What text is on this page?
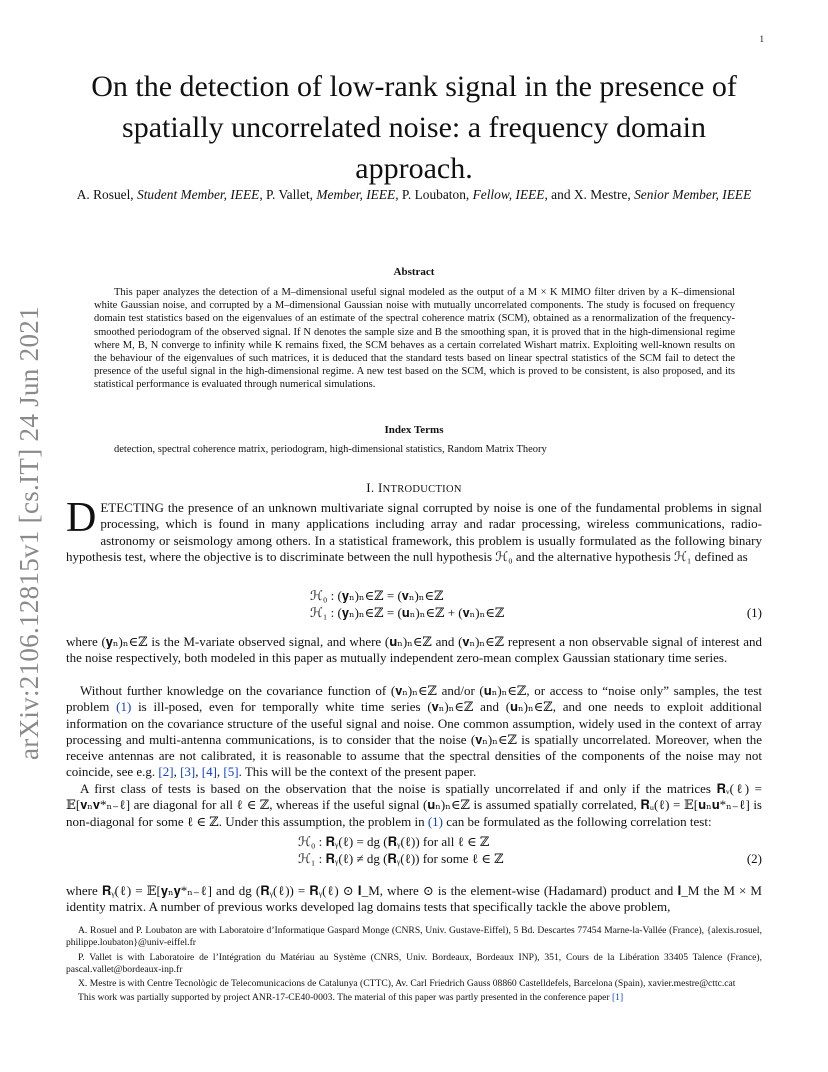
1
arXiv:2106.12815v1 [cs.IT] 24 Jun 2021
On the detection of low-rank signal in the presence of spatially uncorrelated noise: a frequency domain approach.
A. Rosuel, Student Member, IEEE, P. Vallet, Member, IEEE, P. Loubaton, Fellow, IEEE, and X. Mestre, Senior Member, IEEE
Abstract

This paper analyzes the detection of a M–dimensional useful signal modeled as the output of a M × K MIMO filter driven by a K–dimensional white Gaussian noise, and corrupted by a M–dimensional Gaussian noise with mutually uncorrelated components. The study is focused on frequency domain test statistics based on the eigenvalues of an estimate of the spectral coherence matrix (SCM), obtained as a renormalization of the frequency-smoothed periodogram of the observed signal. If N denotes the sample size and B the smoothing span, it is proved that in the high-dimensional regime where M, B, N converge to infinity while K remains fixed, the SCM behaves as a certain correlated Wishart matrix. Exploiting well-known results on the behaviour of the eigenvalues of such matrices, it is deduced that the standard tests based on linear spectral statistics of the SCM fail to detect the presence of the useful signal in the high-dimensional regime. A new test based on the SCM, which is proved to be consistent, is also proposed, and its statistical performance is evaluated through numerical simulations.

Index Terms
detection, spectral coherence matrix, periodogram, high-dimensional statistics, Random Matrix Theory
I. INTRODUCTION

DETECTING the presence of an unknown multivariate signal corrupted by noise is one of the fundamental problems in signal processing, which is found in many applications including array and radar processing, wireless communications, radio-astronomy or seismology among others. In a statistical framework, this problem is usually formulated as the following binary hypothesis test, where the objective is to discriminate between the null hypothesis ℋ₀ and the alternative hypothesis ℋ₁ defined as

ℋ₀ : (𝐲ₙ)ₙ∈ℤ = (𝐯ₙ)ₙ∈ℤ
ℋ₁ : (𝐲ₙ)ₙ∈ℤ = (𝐮ₙ)ₙ∈ℤ + (𝐯ₙ)ₙ∈ℤ	(1)

where (𝐲ₙ)ₙ∈ℤ is the M-variate observed signal, and where (𝐮ₙ)ₙ∈ℤ and (𝐯ₙ)ₙ∈ℤ represent a non observable signal of interest and the noise respectively, both modeled in this paper as mutually independent zero-mean complex Gaussian stationary time series.

Without further knowledge on the covariance function of (𝐯ₙ)ₙ∈ℤ and/or (𝐮ₙ)ₙ∈ℤ, or access to “noise only” samples, the test problem (1) is ill-posed, even for temporally white time series (𝐯ₙ)ₙ∈ℤ and (𝐮ₙ)ₙ∈ℤ, and one needs to exploit additional information on the covariance structure of the useful signal and noise. One common assumption, widely used in the context of array processing and multi-antenna communications, is to consider that the noise (𝐯ₙ)ₙ∈ℤ is spatially uncorrelated. Moreover, when the receive antennas are not calibrated, it is reasonable to assume that the spectral densities of the components of the noise may not coincide, see e.g. [2], [3], [4], [5]. This will be the context of the present paper.

A first class of tests is based on the observation that the noise is spatially uncorrelated if and only if the matrices 𝐑ᵥ(ℓ) = 𝔼[𝐯ₙ𝐯*ₙ₋ℓ] are diagonal for all ℓ ∈ ℤ, whereas if the useful signal (𝐮ₙ)ₙ∈ℤ is assumed spatially correlated, 𝐑ᵤ(ℓ) = 𝔼[𝐮ₙ𝐮*ₙ₋ℓ] is non-diagonal for some ℓ ∈ ℤ. Under this assumption, the problem in (1) can be formulated as the following correlation test:

ℋ₀ : 𝐑ᵧ(ℓ) = dg (𝐑ᵧ(ℓ)) for all ℓ ∈ ℤ
ℋ₁ : 𝐑ᵧ(ℓ) ≠ dg (𝐑ᵧ(ℓ)) for some ℓ ∈ ℤ	(2)

where 𝐑ᵧ(ℓ) = 𝔼[𝐲ₙ𝐲*ₙ₋ℓ] and dg (𝐑ᵧ(ℓ)) = 𝐑ᵧ(ℓ) ⊙ 𝐈_M, where ⊙ is the element-wise (Hadamard) product and 𝐈_M the M × M identity matrix. A number of previous works developed lag domains tests that specifically tackle the above problem,

A. Rosuel and P. Loubaton are with Laboratoire d’Informatique Gaspard Monge (CNRS, Univ. Gustave-Eiffel), 5 Bd. Descartes 77454 Marne-la-Vallée (France), {alexis.rosuel, philippe.loubaton}@univ-eiffel.fr

P. Vallet is with Laboratoire de l’Intégration du Matériau au Système (CNRS, Univ. Bordeaux, Bordeaux INP), 351, Cours de la Libération 33405 Talence (France), pascal.vallet@bordeaux-inp.fr

X. Mestre is with Centre Tecnològic de Telecomunicacions de Catalunya (CTTC), Av. Carl Friedrich Gauss 08860 Castelldefels, Barcelona (Spain), xavier.mestre@cttc.cat

This work was partially supported by project ANR-17-CE40-0003. The material of this paper was partly presented in the conference paper [1]
